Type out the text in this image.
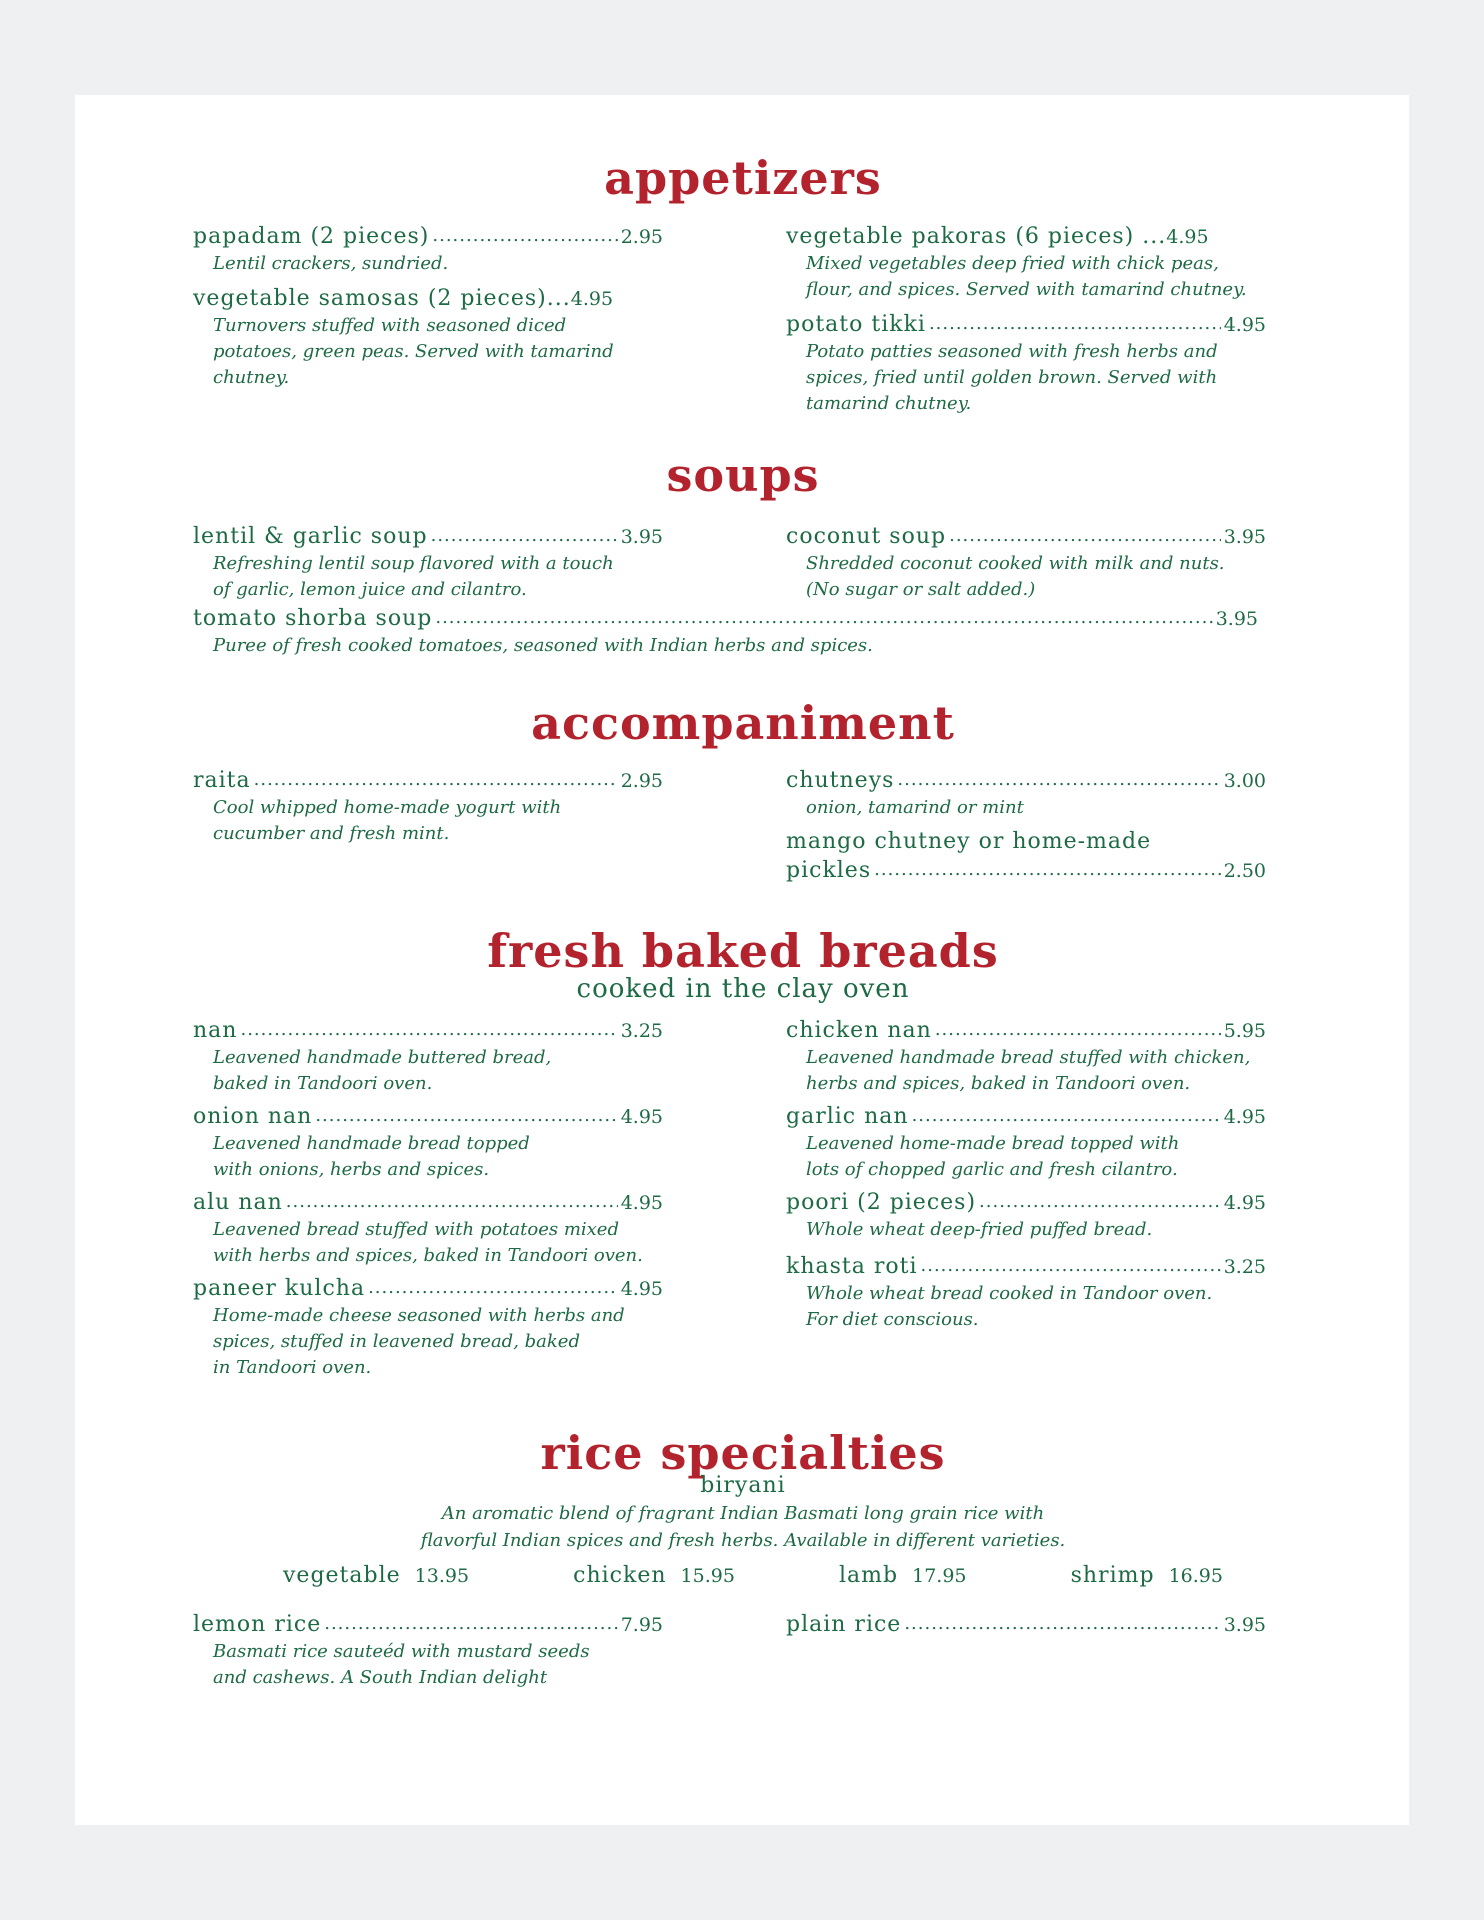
appetizers
papadam (2 pieces) .....	2.95
Lentil crackers, sundried.
vegetable samosas (2 pieces)... 4.95
Turnovers stuffed with seasoned diced
potatoes, green peas. Served with tamarind
chutney.
vegetable pakoras (6 pieces) ... 4.95
Mixed vegetables deep fried with chick peas,
flour, and spices. Served with tamarind chutney.
potato tikki .....	4.95
Potato patties seasoned with fresh herbs and
spices, fried until golden brown. Served with
tamarind chutney.
soups
lentil & garlic soup .....	3.95
Refreshing lentil soup flavored with a touch
of garlic, lemon juice and cilantro.
coconut soup .....	3.95
Shredded coconut cooked with milk and nuts.
(No sugar or salt added.)
tomato shorba soup .....	3.95
Puree of fresh cooked tomatoes, seasoned with Indian herbs and spices.
accompaniment
raita .....	2.95
Cool whipped home-made yogurt with
cucumber and fresh mint.
chutneys .....	3.00
onion, tamarind or mint
mango chutney or home-made
pickles .....	2.50
fresh baked breads
cooked in the clay oven
nan .....	3.25
Leavened handmade buttered bread,
baked in Tandoori oven.
onion nan .....	4.95
Leavened handmade bread topped
with onions, herbs and spices.
alu nan .....	4.95
Leavened bread stuffed with potatoes mixed
with herbs and spices, baked in Tandoori oven.
paneer kulcha .....	4.95
Home-made cheese seasoned with herbs and
spices, stuffed in leavened bread, baked
in Tandoori oven.
chicken nan .....	5.95
Leavened handmade bread stuffed with chicken,
herbs and spices, baked in Tandoori oven.
garlic nan .....	4.95
Leavened home-made bread topped with
lots of chopped garlic and fresh cilantro.
poori (2 pieces) .....	4.95
Whole wheat deep-fried puffed bread.
khasta roti .....	3.25
Whole wheat bread cooked in Tandoor oven.
For diet conscious.
rice specialties
biryani
An aromatic blend of fragrant Indian Basmati long grain rice with
flavorful Indian spices and fresh herbs. Available in different varieties.
vegetable 13.95	chicken 15.95	lamb 17.95	shrimp 16.95
lemon rice .....	7.95
Basmati rice sauteéd with mustard seeds
and cashews. A South Indian delight
plain rice .....	3.95
